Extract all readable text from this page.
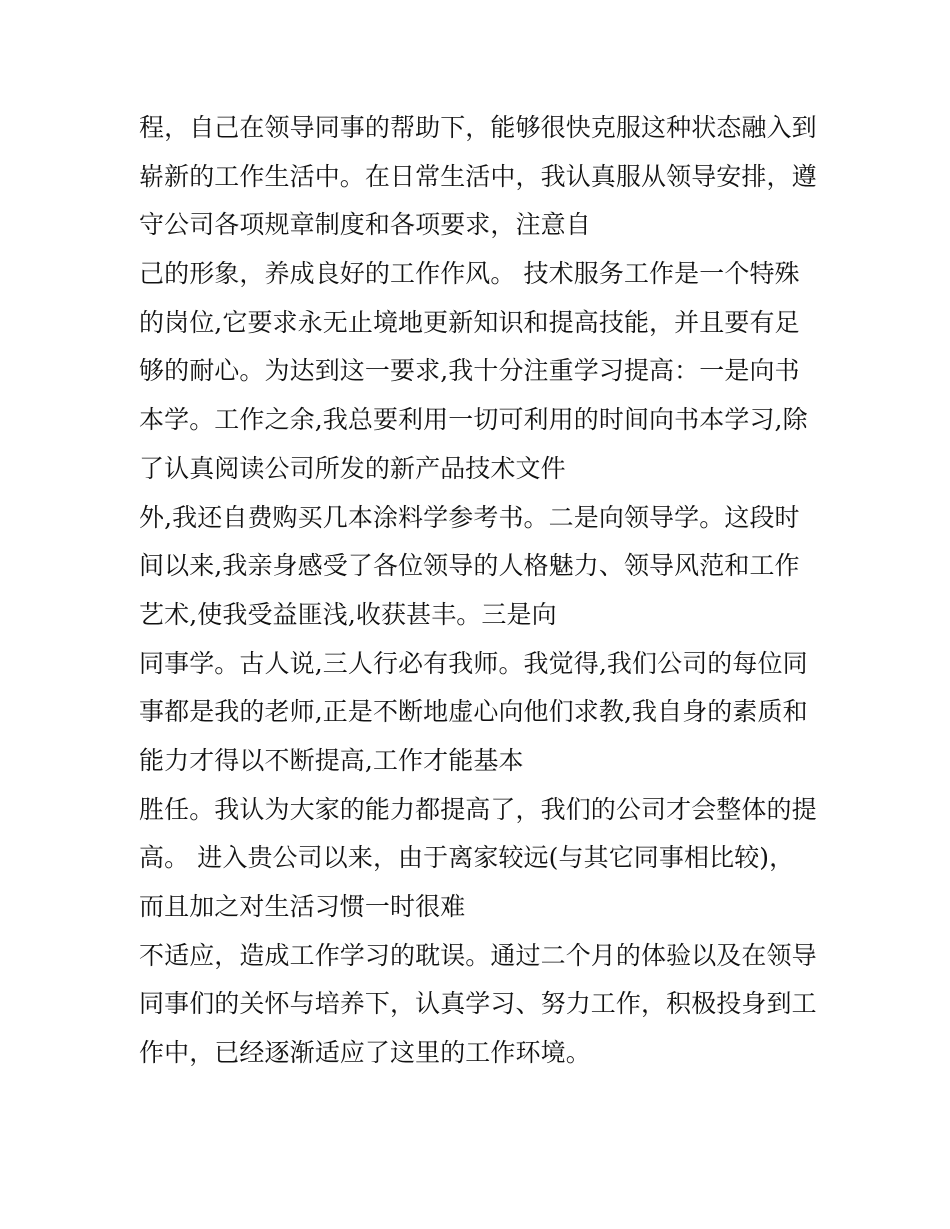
程，自己在领导同事的帮助下，能够很快克服这种状态融入到
崭新的工作生活中。在日常生活中，我认真服从领导安排，遵
守公司各项规章制度和各项要求，注意自
己的形象，养成良好的工作作风。 技术服务工作是一个特殊
的岗位,它要求永无止境地更新知识和提高技能，并且要有足
够的耐心。为达到这一要求,我十分注重学习提高：一是向书
本学。工作之余,我总要利用一切可利用的时间向书本学习,除
了认真阅读公司所发的新产品技术文件
外,我还自费购买几本涂料学参考书。二是向领导学。这段时
间以来,我亲身感受了各位领导的人格魅力、领导风范和工作
艺术,使我受益匪浅,收获甚丰。三是向
同事学。古人说,三人行必有我师。我觉得,我们公司的每位同
事都是我的老师,正是不断地虚心向他们求教,我自身的素质和
能力才得以不断提高,工作才能基本
胜任。我认为大家的能力都提高了，我们的公司才会整体的提
高。 进入贵公司以来，由于离家较远(与其它同事相比较)，
而且加之对生活习惯一时很难
不适应，造成工作学习的耽误。通过二个月的体验以及在领导
同事们的关怀与培养下，认真学习、努力工作，积极投身到工
作中，已经逐渐适应了这里的工作环境。
